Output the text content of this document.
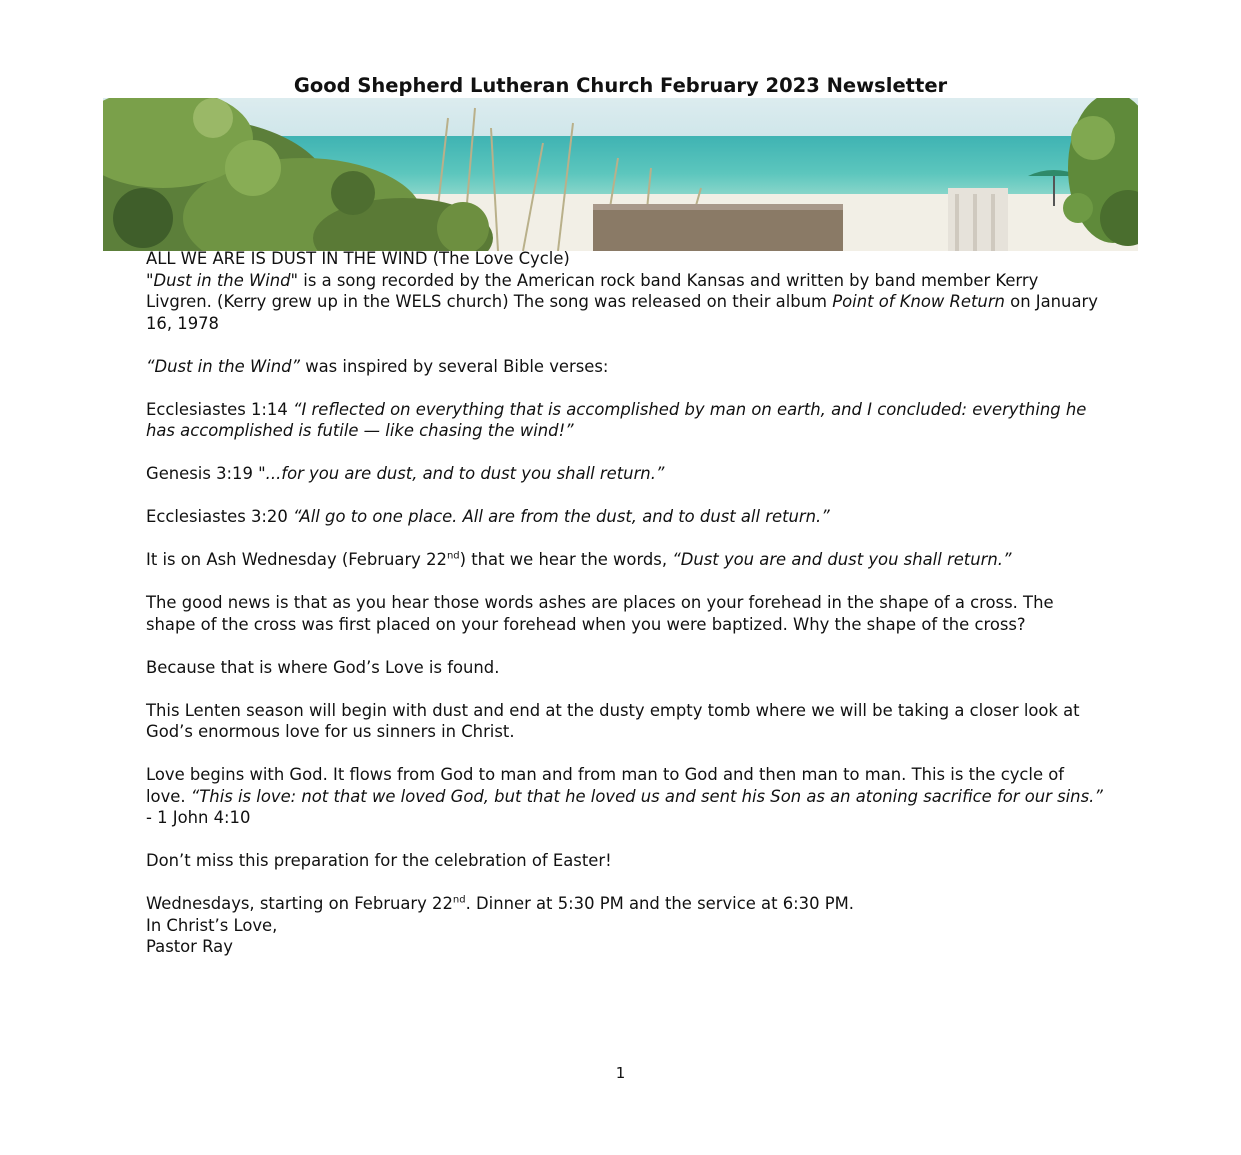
Good Shepherd Lutheran Church February 2023 Newsletter

ALL WE ARE IS DUST IN THE WIND (The Love Cycle)

"Dust in the Wind" is a song recorded by the American rock band Kansas and written by band member Kerry Livgren. (Kerry grew up in the WELS church) The song was released on their album Point of Know Return on January 16, 1978

“Dust in the Wind” was inspired by several Bible verses:

Ecclesiastes 1:14 “I reflected on everything that is accomplished by man on earth, and I concluded: everything he has accomplished is futile — like chasing the wind!”

Genesis 3:19 "...for you are dust, and to dust you shall return.”

Ecclesiastes 3:20 “All go to one place. All are from the dust, and to dust all return.”

It is on Ash Wednesday (February 22nd) that we hear the words, “Dust you are and dust you shall return.”

The good news is that as you hear those words ashes are places on your forehead in the shape of a cross. The shape of the cross was first placed on your forehead when you were baptized. Why the shape of the cross?

Because that is where God’s Love is found.

This Lenten season will begin with dust and end at the dusty empty tomb where we will be taking a closer look at God’s enormous love for us sinners in Christ.

Love begins with God. It flows from God to man and from man to God and then man to man. This is the cycle of love. “This is love: not that we loved God, but that he loved us and sent his Son as an atoning sacrifice for our sins.” - 1 John 4:10

Don’t miss this preparation for the celebration of Easter!

Wednesdays, starting on February 22nd. Dinner at 5:30 PM and the service at 6:30 PM.

In Christ’s Love,

Pastor Ray

1
